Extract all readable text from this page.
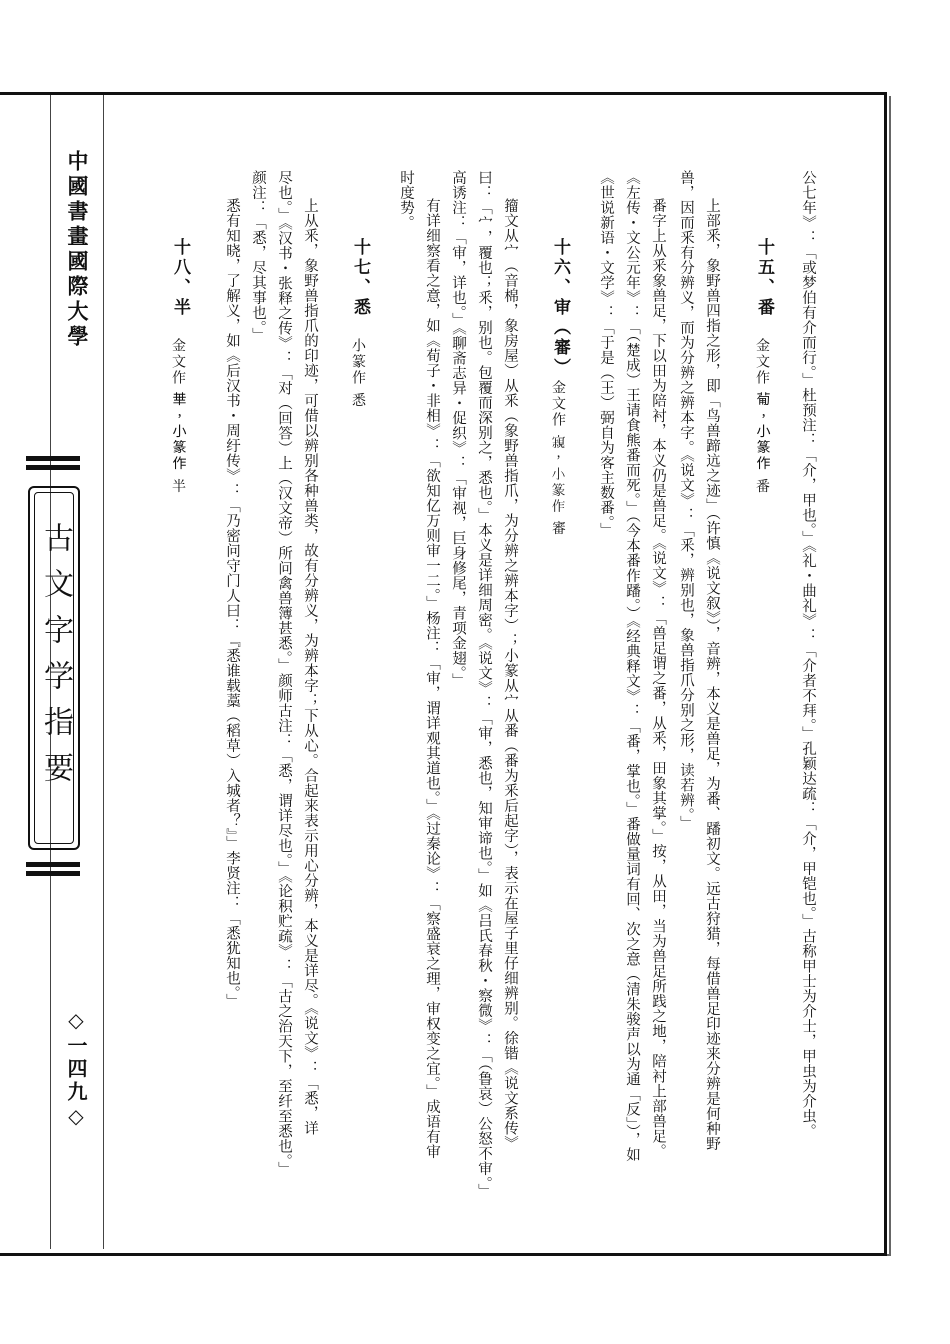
中國書畫國際大學
古文字学指要
◇一四九◇	公七年》：「或梦伯有介而行。」杜预注：「介，甲也。」《礼・曲礼》：「介者不拜。」孔颖达疏：「介，甲铠也。」古称甲士为介士，甲虫为介虫。
十五、番
金文作 𤰈，小篆作 番
上部釆，象野兽四指之形，即「鸟兽蹄迒之迹」（许慎《说文叙》），音辨，本义是兽足，为番、蹯初文。远古狩猎，每借兽足印迹来分辨是何种野
兽，因而釆有分辨义，而为分辨之辨本字。《说文》：「釆，辨别也，象兽指爪分别之形，读若辨。」
番字上从釆象兽足，下以田为陪衬，本义仍是兽足。《说文》：「兽足谓之番，从釆，田象其掌。」按，从田，当为兽足所践之地，陪衬上部兽足。
《左传・文公元年》：「（楚成）王请食熊番而死。」（今本番作蹯。）《经典释文》：「番，掌也。」番做量词有回、次之意（清朱骏声以为通「反」），如
《世说新语・文学》：「于是（王）弼自为客主数番。」
十六、审（審）
金文作 𡫁，小篆作 審
籀文从宀（音棉，象房屋）从釆（象野兽指爪，为分辨之辨本字）；小篆从宀从番（番为釆后起字），表示在屋子里仔细辨别。徐锴《说文系传》
曰：「宀，覆也；釆，别也。包覆而深别之，悉也。」本义是详细周密。《说文》：「审，悉也，知审谛也。」如《吕氏春秋・察微》：「（鲁哀）公怒不审。」
高诱注：「审，详也。」《聊斋志异・促织》：「审视，巨身修尾，青项金翅。」
有详细察看之意，如《荀子・非相》：「欲知亿万则审一二。」杨注：「审，谓详观其道也。」《过秦论》：「察盛衰之理，审权变之宜。」成语有审
时度势。
十七、悉
小篆作 悉
上从釆，象野兽指爪的印迹，可借以辨别各种兽类，故有分辨义，为辨本字；下从心。合起来表示用心分辨，本义是详尽。《说文》：「悉，详
尽也。」《汉书・张释之传》：「对（回答）上（汉文帝）所问禽兽簿甚悉。」颜师古注：「悉，谓详尽也。」《论积贮疏》：「古之治天下，至纤至悉也。」
颜注：「悉，尽其事也。」
悉有知晓，了解义，如《后汉书・周纡传》：「乃密问守门人曰：『悉谁载藁（稻草）入城者？』」李贤注：「悉犹知也。」
十八、半
金文作 𠦒，小篆作 半
